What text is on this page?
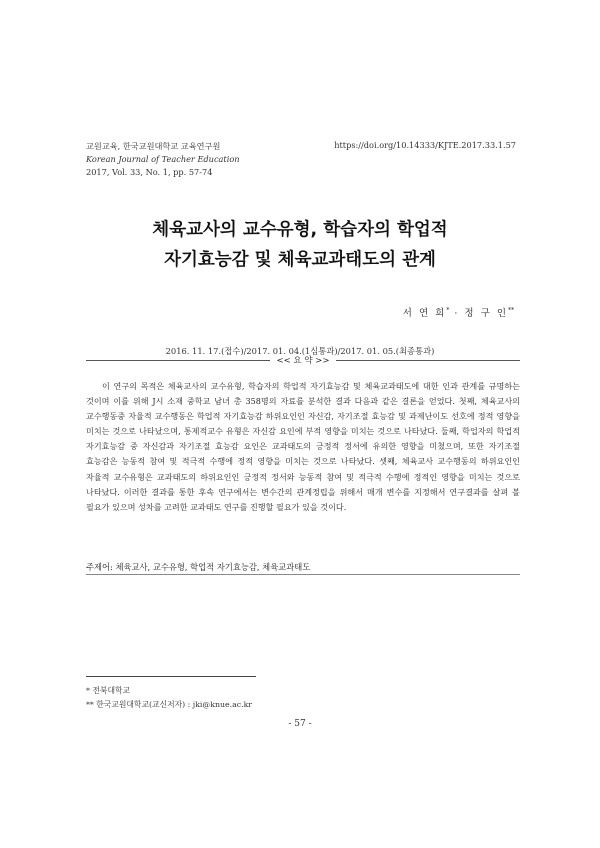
교원교육, 한국교원대학교 교육연구원
Korean Journal of Teacher Education
2017, Vol. 33, No. 1, pp. 57-74
https://doi.org/10.14333/KJTE.2017.33.1.57
체육교사의 교수유형, 학습자의 학업적
자기효능감 및 체육교과태도의 관계
서 연 희* · 정 구 인**
2016. 11. 17.(접수)/2017. 01. 04.(1심통과)/2017. 01. 05.(최종통과)
<< 요 약 >>
이 연구의 목적은 체육교사의 교수유형, 학습자의 학업적 자기효능감 및 체육교과태도에 대한 인과 관계를 규명하는 것이며 이를 위해 J시 소재 중학교 남녀 총 358명의 자료를 분석한 결과 다음과 같은 결론을 얻었다. 첫째, 체육교사의 교수행동중 자율적 교수행동은 학업적 자기효능감 하위요인인 자신감, 자기조절 효능감 및 과제난이도 선호에 정적 영향을 미치는 것으로 나타났으며, 통제적교수 유형은 자신감 요인에 부적 영향을 미치는 것으로 나타났다. 둘째, 학업자의 학업적 자기효능감 중 자신감과 자기조절 효능감 요인은 교과태도의 긍정적 정서에 유의한 영향을 미쳤으며, 또한 자기조절 효능감은 능동적 참여 및 적극적 수행에 정적 영향을 미치는 것으로 나타났다. 셋째, 체육교사 교수행동의 하위요인인 자율적 교수유형은 교과태도의 하위요인인 긍정적 정서와 능동적 참여 및 적극적 수행에 정적인 영향을 미치는 것으로 나타났다. 이러한 결과를 통한 후속 연구에서는 변수간의 관계정립을 위해서 매개 변수를 지정해서 연구결과를 살펴 볼 필요가 있으며 성차를 고려한 교과태도 연구를 진행할 필요가 있을 것이다.
주제어: 체육교사, 교수유형, 학업적 자기효능감, 체육교과태도
* 전북대학교
** 한국교원대학교(교신저자) : jki@knue.ac.kr
- 57 -
